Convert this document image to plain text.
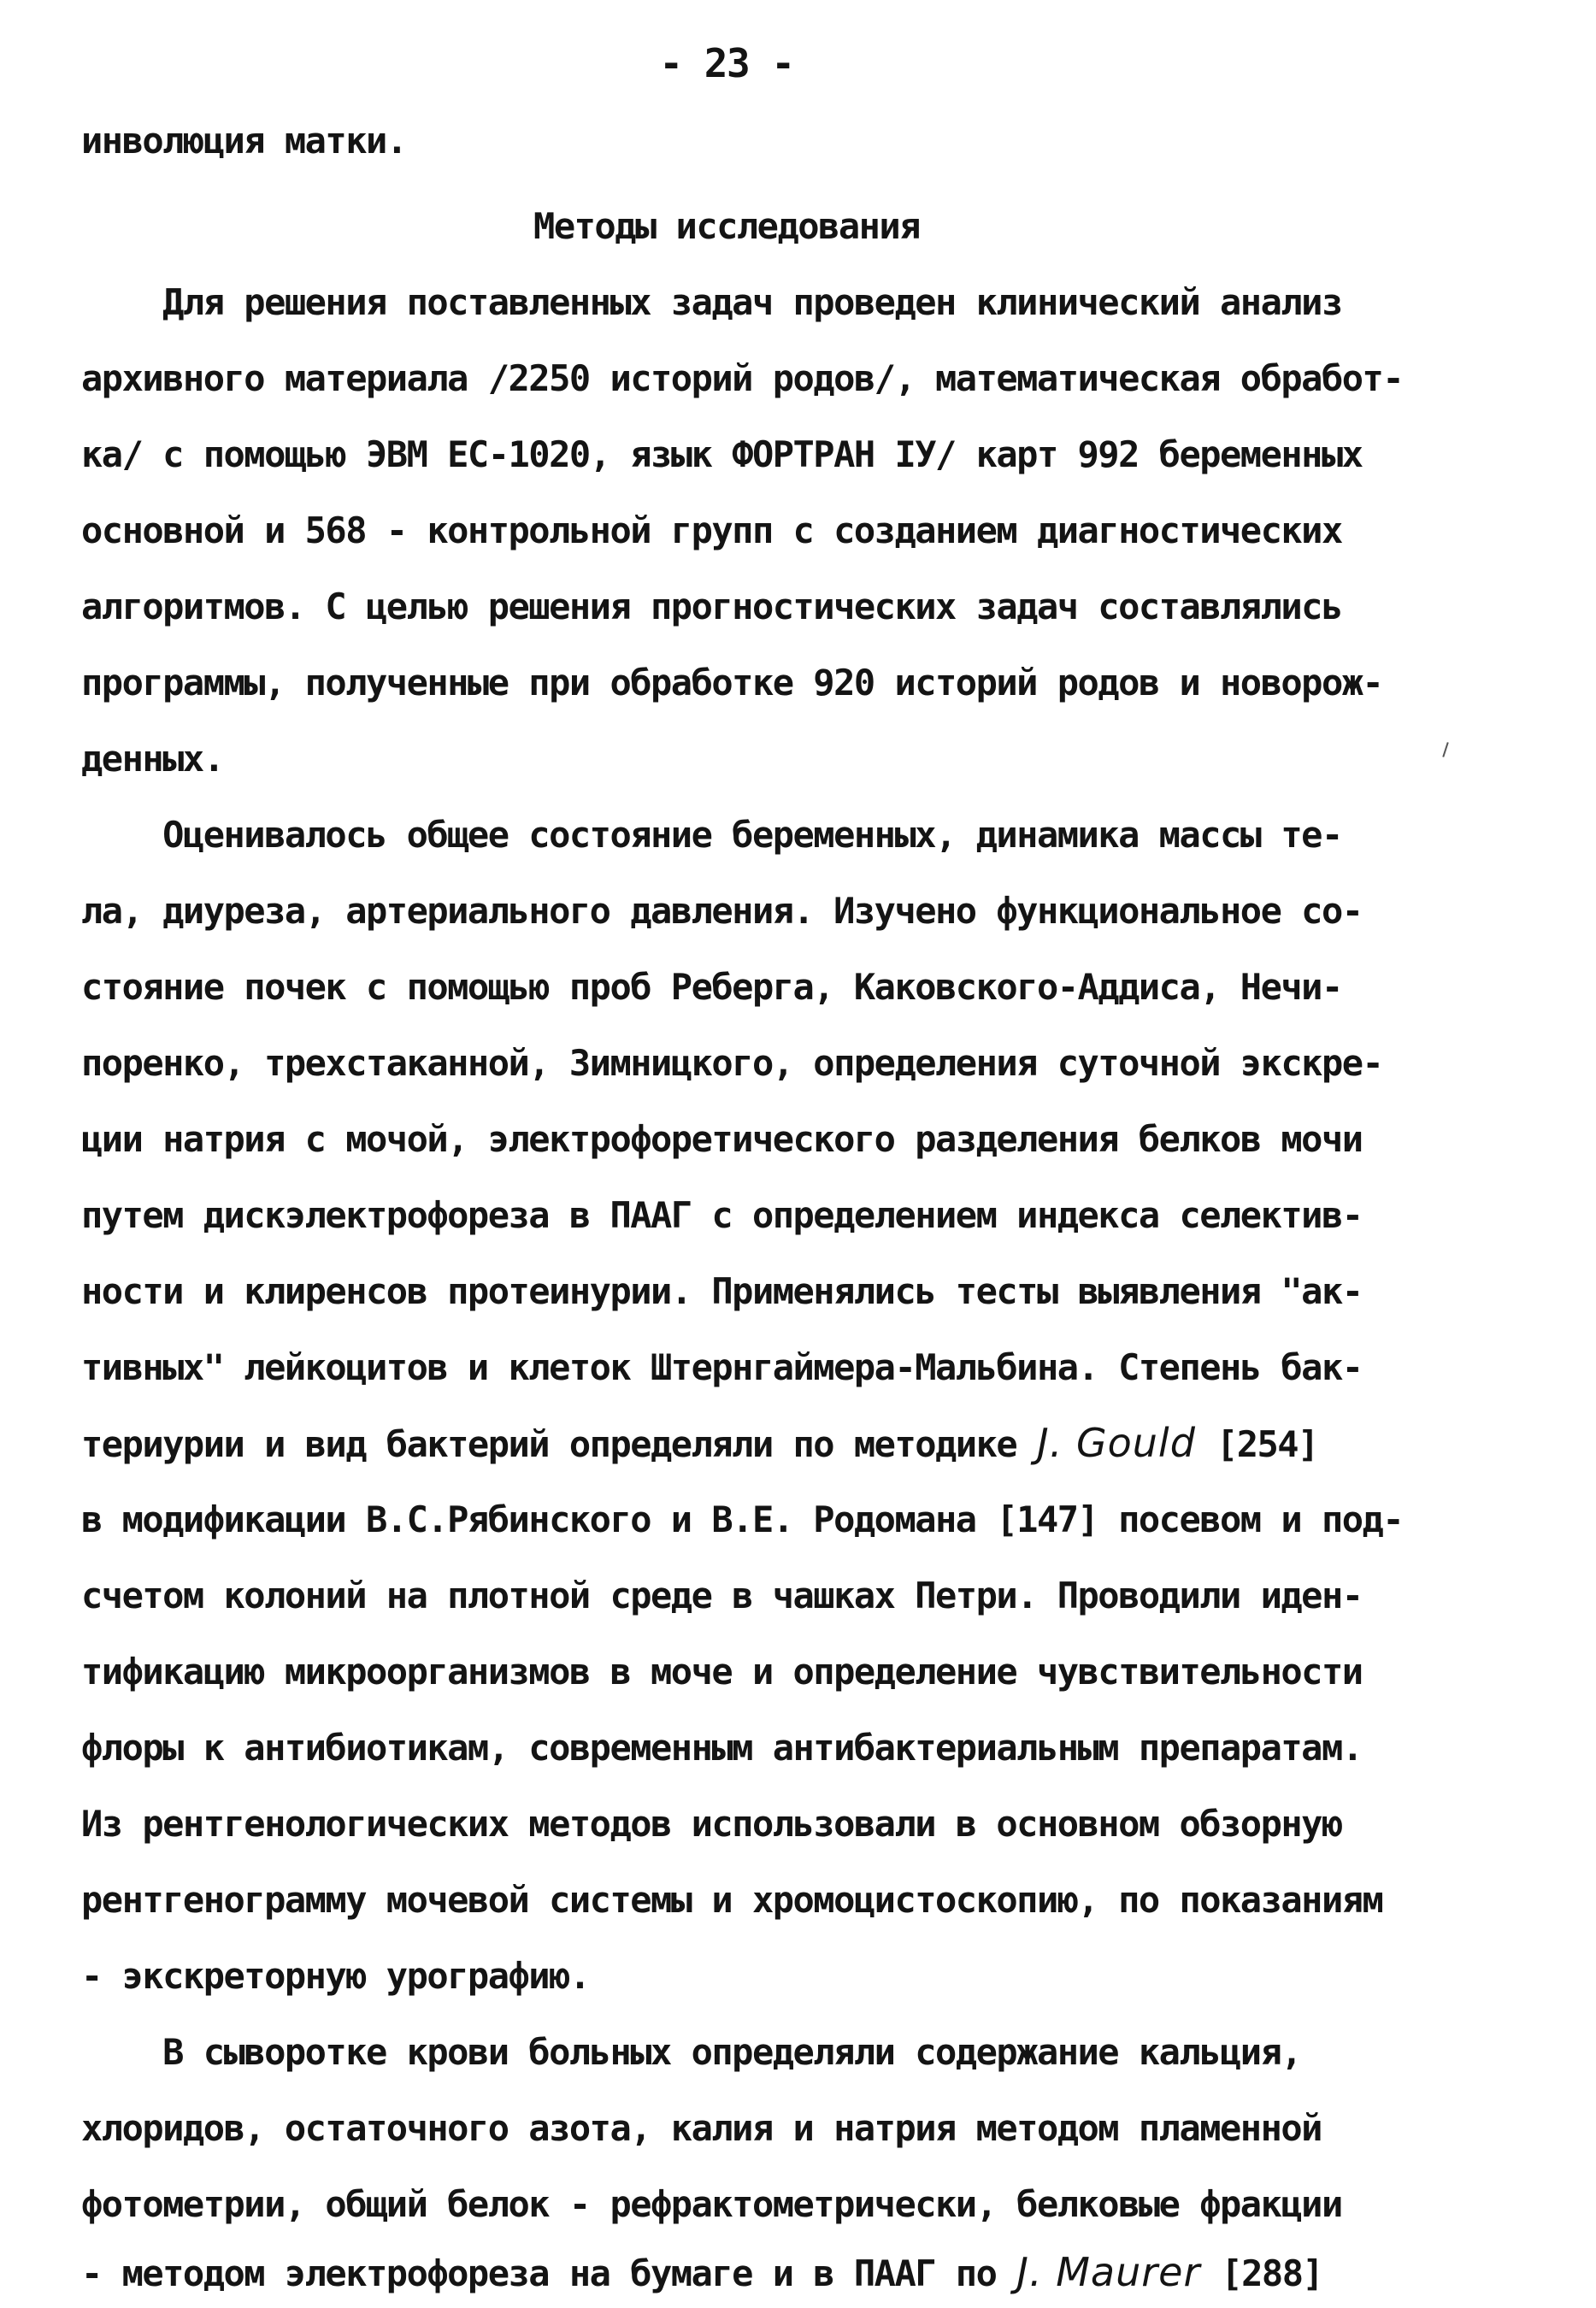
- 23 -
инволюция матки.
Методы исследования
Для решения поставленных задач проведен клинический анализ
архивного материала /2250 историй родов/, математическая обработ-
ка/ с помощью ЭВМ ЕС-1020, язык ФОРТРАН IУ/ карт 992 беременных
основной и 568 - контрольной групп с созданием диагностических
алгоритмов. С целью решения прогностических задач составлялись
программы, полученные при обработке 920 историй родов и новорож-
денных.
Оценивалось общее состояние беременных, динамика массы те-
ла, диуреза, артериального давления. Изучено функциональное со-
стояние почек с помощью проб Реберга, Каковского-Аддиса, Нечи-
поренко, трехстаканной, Зимницкого, определения суточной экскре-
ции натрия с мочой, электрофоретического разделения белков мочи
путем дискэлектрофореза в ПААГ с определением индекса селектив-
ности и клиренсов протеинурии. Применялись тесты выявления "ак-
тивных" лейкоцитов и клеток Штернгаймера-Мальбина. Степень бак-
териурии и вид бактерий определяли по методике J. Gould [254]
в модификации В.С.Рябинского и В.Е. Родомана [147] посевом и под-
счетом колоний на плотной среде в чашках Петри. Проводили иден-
тификацию микроорганизмов в моче и определение чувствительности
флоры к антибиотикам, современным антибактериальным препаратам.
Из рентгенологических методов использовали в основном обзорную
рентгенограмму мочевой системы и хромоцистоскопию, по показаниям
- экскреторную урографию.
В сыворотке крови больных определяли содержание кальция,
хлоридов, остаточного азота, калия и натрия методом пламенной
фотометрии, общий белок - рефрактометрически, белковые фракции
- методом электрофореза на бумаге и в ПААГ по J. Maurer [288]
